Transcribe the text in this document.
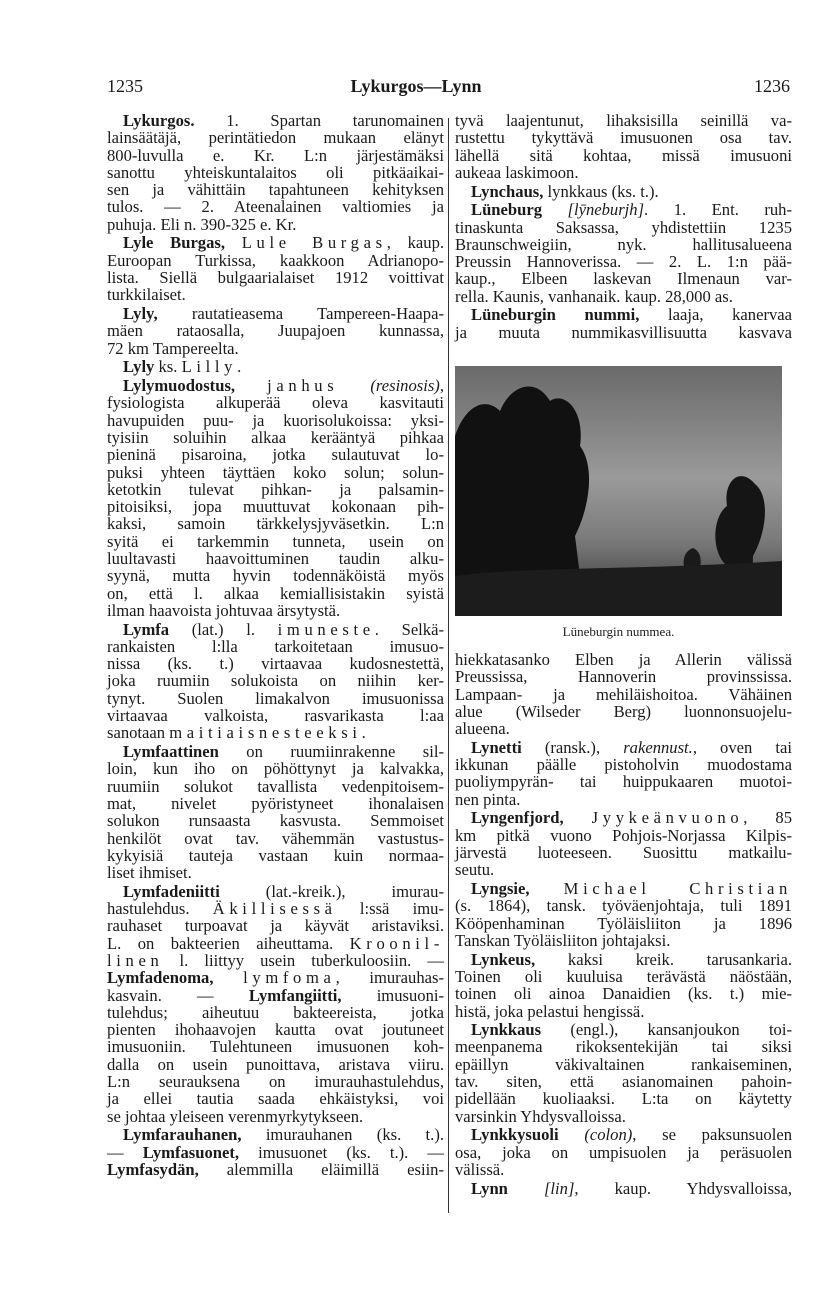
1235	Lykurgos—Lynn	1236
Lykurgos. 1. Spartan tarunomainen
lainsäätäjä, perintätiedon mukaan elänyt
800-luvulla e. Kr. L:n järjestämäksi
sanottu yhteiskuntalaitos oli pitkäaikai-
sen ja vähittäin tapahtuneen kehityksen
tulos. — 2. Ateenalainen valtiomies ja
puhuja. Eli n. 390-325 e. Kr.
Lyle Burgas, Lule Burgas, kaup.
Euroopan Turkissa, kaakkoon Adrianopo-
lista. Siellä bulgaarialaiset 1912 voittivat
turkkilaiset.
Lyly, rautatieasema Tampereen-Haapa-
mäen rataosalla, Juupajoen kunnassa,
72 km Tampereelta.
Lyly ks. Lilly.
Lylymuodostus, janhus (resinosis),
fysiologista alkuperää oleva kasvitauti
havupuiden puu- ja kuorisolukoissa: yksi-
tyisiin soluihin alkaa kerääntyä pihkaa
pieninä pisaroina, jotka sulautuvat lo-
puksi yhteen täyttäen koko solun; solun-
ketotkin tulevat pihkan- ja palsamin-
pitoisiksi, jopa muuttuvat kokonaan pih-
kaksi, samoin tärkkelysjyväsetkin. L:n
syitä ei tarkemmin tunneta, usein on
luultavasti haavoittuminen taudin alku-
syynä, mutta hyvin todennäköistä myös
on, että l. alkaa kemiallisistakin syistä
ilman haavoista johtuvaa ärsytystä.
Lymfa (lat.) l. imuneste. Selkä-
rankaisten l:lla tarkoitetaan imusuo-
nissa (ks. t.) virtaavaa kudosnestettä,
joka ruumiin solukoista on niihin ker-
tynyt. Suolen limakalvon imusuonissa
virtaavaa valkoista, rasvarikasta l:aa
sanotaan maitiaisnesteeksi.
Lymfaattinen on ruumiinrakenne sil-
loin, kun iho on pöhöttynyt ja kalvakka,
ruumiin solukot tavallista vedenpitoisem-
mat, nivelet pyöristyneet ihonalaisen
solukon runsaasta kasvusta. Semmoiset
henkilöt ovat tav. vähemmän vastustus-
kykyisiä tauteja vastaan kuin normaa-
liset ihmiset.
Lymfadeniitti (lat.-kreik.), imurau-
hastulehdus. Äkillisessä l:ssä imu-
rauhaset turpoavat ja käyvät aristaviksi.
L. on bakteerien aiheuttama. Kroonil-
linen l. liittyy usein tuberkuloosiin. —
Lymfadenoma, lymfoma, imurauhas-
kasvain. — Lymfangiitti, imusuoni-
tulehdus; aiheutuu bakteereista, jotka
pienten ihohaavojen kautta ovat joutuneet
imusuoniin. Tulehtuneen imusuonen koh-
dalla on usein punoittava, aristava viiru.
L:n seurauksena on imurauhastulehdus,
ja ellei tautia saada ehkäistyksi, voi
se johtaa yleiseen verenmyrkytykseen.
Lymfarauhanen, imurauhanen (ks. t.).
— Lymfasuonet, imusuonet (ks. t.). —
Lymfasydän, alemmilla eläimillä esiin-
tyvä laajentunut, lihaksisilla seinillä va-
rustettu tykyttävä imusuonen osa tav.
lähellä sitä kohtaa, missä imusuoni
aukeaa laskimoon.
Lynchaus, lynkkaus (ks. t.).
Lüneburg [lȳneburjh]. 1. Ent. ruh-
tinaskunta Saksassa, yhdistettiin 1235
Braunschweigiin, nyk. hallitusalueena
Preussin Hannoverissa. — 2. L. 1:n pää-
kaup., Elbeen laskevan Ilmenaun var-
rella. Kaunis, vanhanaik. kaup. 28,000 as.
Lüneburgin nummi, laaja, kanervaa
ja muuta nummikasvillisuutta kasvava
Lüneburgin nummea.
hiekkatasanko Elben ja Allerin välissä
Preussissa, Hannoverin provinssissa.
Lampaan- ja mehiläishoitoa. Vähäinen
alue (Wilseder Berg) luonnonsuojelu-
alueena.
Lynetti (ransk.), rakennust., oven tai
ikkunan päälle pistoholvin muodostama
puoliympyrän- tai huippukaaren muotoi-
nen pinta.
Lyngenfjord, Jyykeänvuono, 85
km pitkä vuono Pohjois-Norjassa Kilpis-
järvestä luoteeseen. Suosittu matkailu-
seutu.
Lyngsie, Michael Christian
(s. 1864), tansk. työväenjohtaja, tuli 1891
Kööpenhaminan Työläisliiton ja 1896
Tanskan Työläisliiton johtajaksi.
Lynkeus, kaksi kreik. tarusankaria.
Toinen oli kuuluisa terävästä näöstään,
toinen oli ainoa Danaidien (ks. t.) mie-
histä, joka pelastui hengissä.
Lynkkaus (engl.), kansanjoukon toi-
meenpanema rikoksentekijän tai siksi
epäillyn väkivaltainen rankaiseminen,
tav. siten, että asianomainen pahoin-
pidellään kuoliaaksi. L:ta on käytetty
varsinkin Yhdysvalloissa.
Lynkkysuoli (colon), se paksunsuolen
osa, joka on umpisuolen ja peräsuolen
välissä.
Lynn [lin], kaup. Yhdysvalloissa,
